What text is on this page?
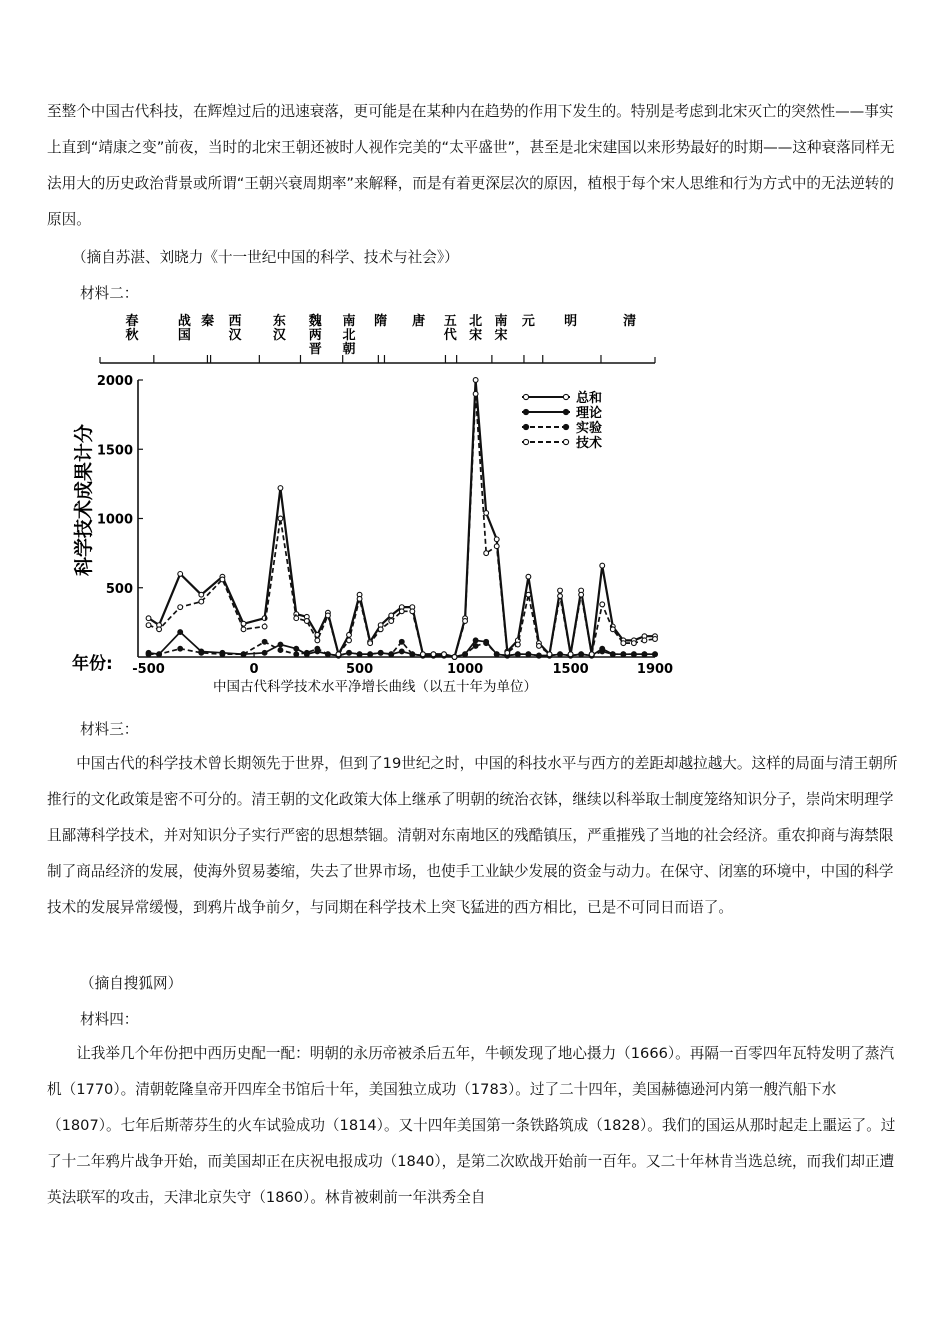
至整个中国古代科技，在辉煌过后的迅速衰落，更可能是在某种内在趋势的作用下发生的。特别是考虑到北宋灭亡的突然性——事实上直到“靖康之变”前夜，当时的北宋王朝还被时人视作完美的“太平盛世”，甚至是北宋建国以来形势最好的时期——这种衰落同样无法用大的历史政治背景或所谓“王朝兴衰周期率”来解释，而是有着更深层次的原因，植根于每个宋人思维和行为方式中的无法逆转的原因。

（摘自苏湛、刘晓力《十一世纪中国的科学、技术与社会》）

材料二：

春秋
战国
秦 西汉
东汉
魏两晋
南北朝
隋 唐 五代
北宋
南宋
元 明	清
500
1000
1500
2000
-500	0	500	1000	1500	1900
总和
理论
实验
技术
科学技术成果计分
年份:
中国古代科学技术水平净增长曲线（以五十年为单位）

材料三：

中国古代的科学技术曾长期领先于世界，但到了19世纪之时，中国的科技水平与西方的差距却越拉越大。这样的局面与清王朝所推行的文化政策是密不可分的。清王朝的文化政策大体上继承了明朝的统治衣钵，继续以科举取士制度笼络知识分子，崇尚宋明理学且鄙薄科学技术，并对知识分子实行严密的思想禁锢。清朝对东南地区的残酷镇压，严重摧残了当地的社会经济。重农抑商与海禁限制了商品经济的发展，使海外贸易萎缩，失去了世界市场，也使手工业缺少发展的资金与动力。在保守、闭塞的环境中，中国的科学技术的发展异常缓慢，到鸦片战争前夕，与同期在科学技术上突飞猛进的西方相比，已是不可同日而语了。

（摘自搜狐网）

材料四：

让我举几个年份把中西历史配一配：明朝的永历帝被杀后五年，牛顿发现了地心摄力（1666）。再隔一百零四年瓦特发明了蒸汽机（1770）。清朝乾隆皇帝开四库全书馆后十年，美国独立成功（1783）。过了二十四年，美国赫德逊河内第一艘汽船下水（1807）。七年后斯蒂芬生的火车试验成功（1814）。又十四年美国第一条铁路筑成（1828）。我们的国运从那时起走上噩运了。过了十二年鸦片战争开始，而美国却正在庆祝电报成功（1840），是第二次欧战开始前一百年。又二十年林肯当选总统，而我们却正遭英法联军的攻击，天津北京失守（1860）。林肯被刺前一年洪秀全自
